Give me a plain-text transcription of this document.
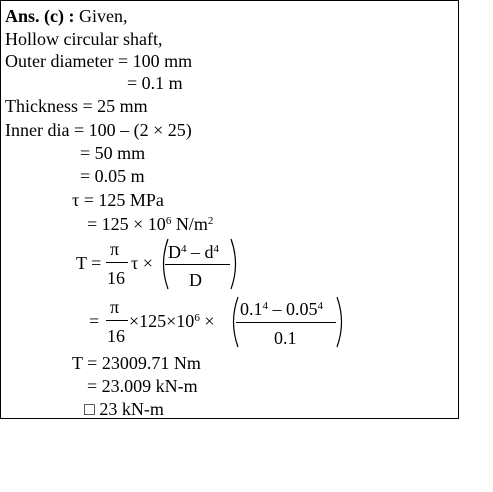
Ans. (c) : Given,
Hollow circular shaft,
Outer diameter = 100 mm
= 0.1 m
Thickness = 25 mm
Inner dia = 100 – (2 × 25)
= 50 mm
= 0.05 m
τ = 125 MPa
= $125 \times 10^6$ $N/m^2$
T =
π
16
τ ×
$D^4 - d^4$
D
=
π
16
$\times 125\times 10^6$ ×
$0.1^4 - 0.05^4$
0.1
T = 23009.71 Nm
= 23.009 kN-m
□ 23 kN-m
